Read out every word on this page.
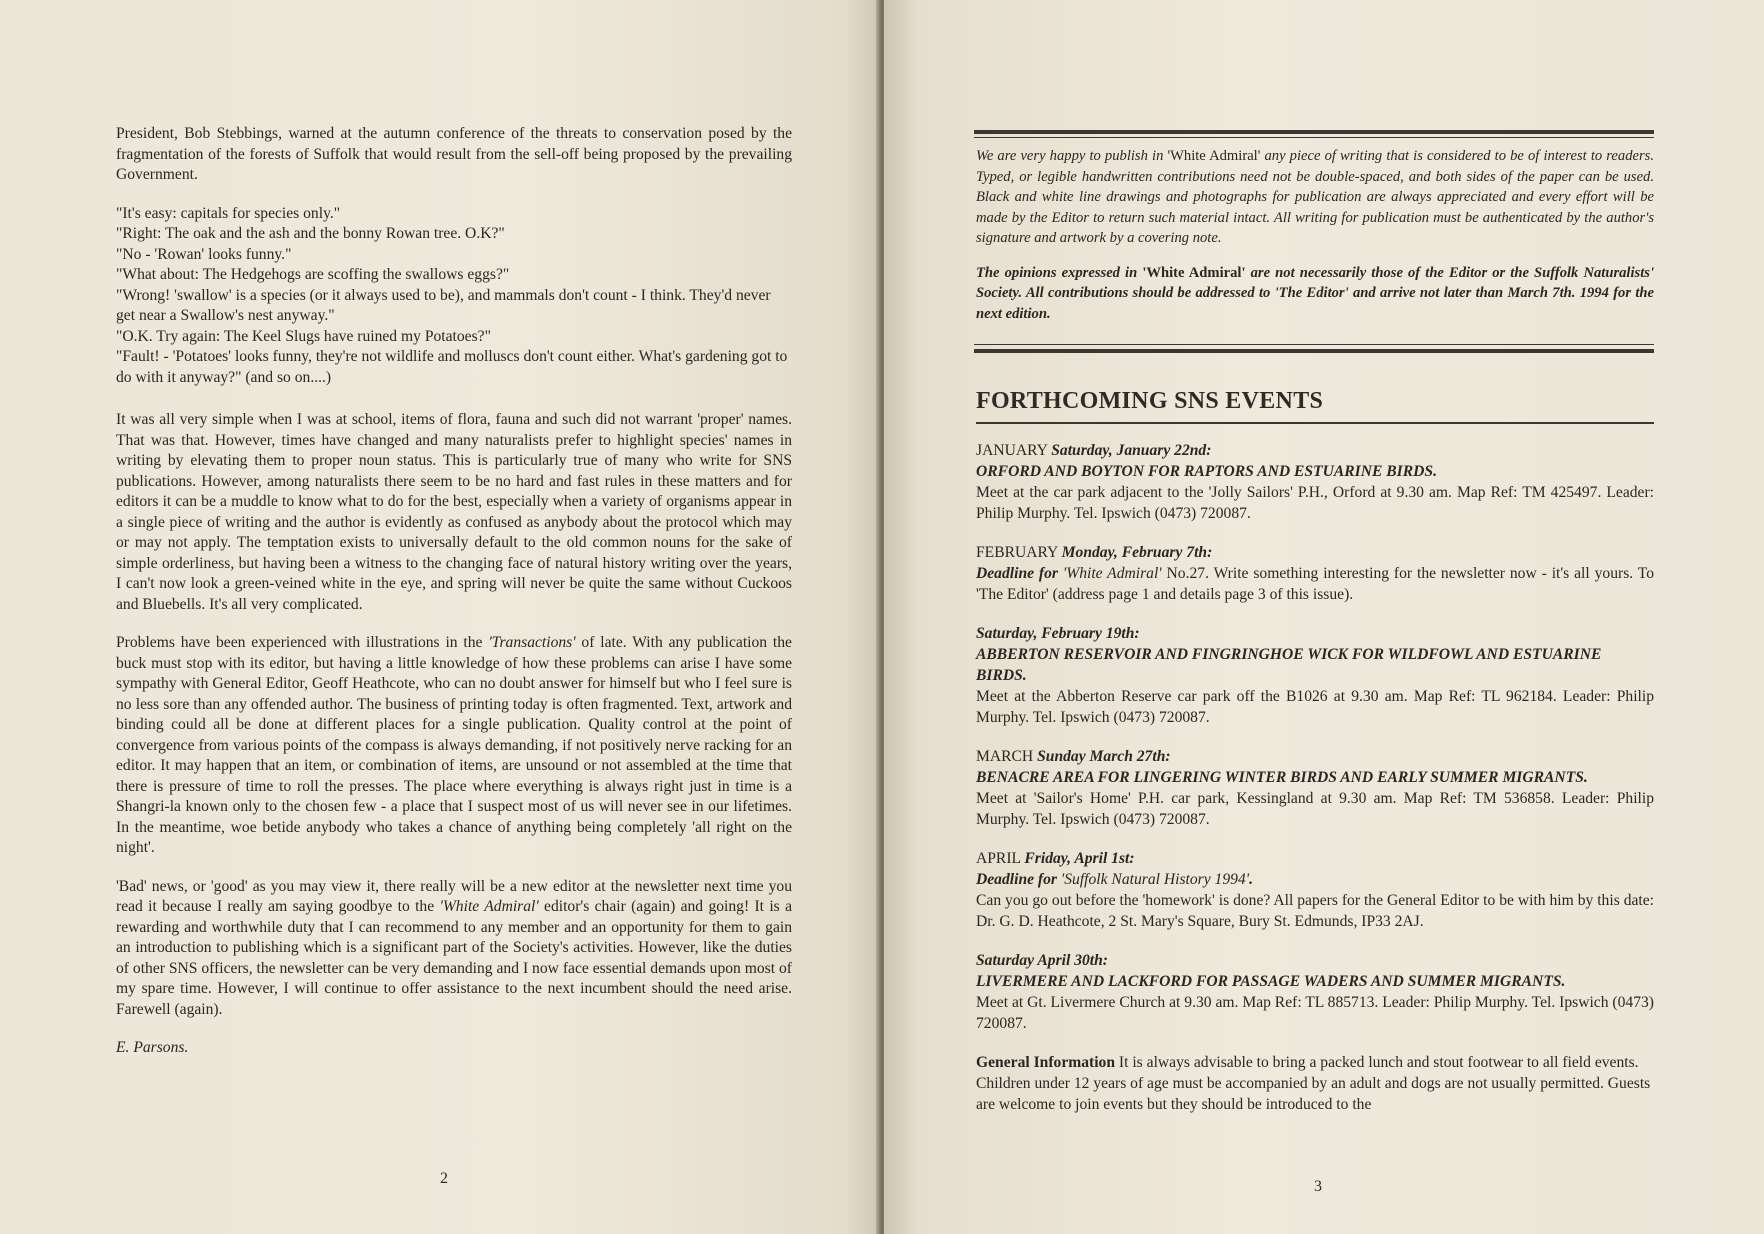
President, Bob Stebbings, warned at the autumn conference of the threats to conservation posed by the fragmentation of the forests of Suffolk that would result from the sell-off being proposed by the prevailing Government.

"It's easy: capitals for species only."
"Right: The oak and the ash and the bonny Rowan tree. O.K?"
"No - 'Rowan' looks funny."
"What about: The Hedgehogs are scoffing the swallows eggs?"
"Wrong! 'swallow' is a species (or it always used to be), and mammals don't count - I think. They'd never get near a Swallow's nest anyway."
"O.K. Try again: The Keel Slugs have ruined my Potatoes?"
"Fault! - 'Potatoes' looks funny, they're not wildlife and molluscs don't count either. What's gardening got to do with it anyway?" (and so on....)

It was all very simple when I was at school, items of flora, fauna and such did not warrant 'proper' names. That was that. However, times have changed and many naturalists prefer to highlight species' names in writing by elevating them to proper noun status. This is particularly true of many who write for SNS publications. However, among naturalists there seem to be no hard and fast rules in these matters and for editors it can be a muddle to know what to do for the best, especially when a variety of organisms appear in a single piece of writing and the author is evidently as confused as anybody about the protocol which may or may not apply. The temptation exists to universally default to the old common nouns for the sake of simple orderliness, but having been a witness to the changing face of natural history writing over the years, I can't now look a green-veined white in the eye, and spring will never be quite the same without Cuckoos and Bluebells. It's all very complicated.

Problems have been experienced with illustrations in the 'Transactions' of late. With any publication the buck must stop with its editor, but having a little knowledge of how these problems can arise I have some sympathy with General Editor, Geoff Heathcote, who can no doubt answer for himself but who I feel sure is no less sore than any offended author. The business of printing today is often fragmented. Text, artwork and binding could all be done at different places for a single publication. Quality control at the point of convergence from various points of the compass is always demanding, if not positively nerve racking for an editor. It may happen that an item, or combination of items, are unsound or not assembled at the time that there is pressure of time to roll the presses. The place where everything is always right just in time is a Shangri-la known only to the chosen few - a place that I suspect most of us will never see in our lifetimes. In the meantime, woe betide anybody who takes a chance of anything being completely 'all right on the night'.

'Bad' news, or 'good' as you may view it, there really will be a new editor at the newsletter next time you read it because I really am saying goodbye to the 'White Admiral' editor's chair (again) and going! It is a rewarding and worthwhile duty that I can recommend to any member and an opportunity for them to gain an introduction to publishing which is a significant part of the Society's activities. However, like the duties of other SNS officers, the newsletter can be very demanding and I now face essential demands upon most of my spare time. However, I will continue to offer assistance to the next incumbent should the need arise. Farewell (again).

E. Parsons.
2

We are very happy to publish in 'White Admiral' any piece of writing that is considered to be of interest to readers. Typed, or legible handwritten contributions need not be double-spaced, and both sides of the paper can be used. Black and white line drawings and photographs for publication are always appreciated and every effort will be made by the Editor to return such material intact. All writing for publication must be authenticated by the author's signature and artwork by a covering note.

The opinions expressed in 'White Admiral' are not necessarily those of the Editor or the Suffolk Naturalists' Society. All contributions should be addressed to 'The Editor' and arrive not later than March 7th. 1994 for the next edition.

FORTHCOMING SNS EVENTS
JANUARY Saturday, January 22nd:
ORFORD AND BOYTON FOR RAPTORS AND ESTUARINE BIRDS.
Meet at the car park adjacent to the 'Jolly Sailors' P.H., Orford at 9.30 am. Map Ref: TM 425497. Leader: Philip Murphy. Tel. Ipswich (0473) 720087.
FEBRUARY Monday, February 7th:
Deadline for 'White Admiral' No.27. Write something interesting for the newsletter now - it's all yours. To 'The Editor' (address page 1 and details page 3 of this issue).
Saturday, February 19th:
ABBERTON RESERVOIR AND FINGRINGHOE WICK FOR WILDFOWL AND ESTUARINE BIRDS.
Meet at the Abberton Reserve car park off the B1026 at 9.30 am. Map Ref: TL 962184. Leader: Philip Murphy. Tel. Ipswich (0473) 720087.
MARCH Sunday March 27th:
BENACRE AREA FOR LINGERING WINTER BIRDS AND EARLY SUMMER MIGRANTS.
Meet at 'Sailor's Home' P.H. car park, Kessingland at 9.30 am. Map Ref: TM 536858. Leader: Philip Murphy. Tel. Ipswich (0473) 720087.
APRIL Friday, April 1st:
Deadline for 'Suffolk Natural History 1994'.
Can you go out before the 'homework' is done? All papers for the General Editor to be with him by this date: Dr. G. D. Heathcote, 2 St. Mary's Square, Bury St. Edmunds, IP33 2AJ.
Saturday April 30th:
LIVERMERE AND LACKFORD FOR PASSAGE WADERS AND SUMMER MIGRANTS.
Meet at Gt. Livermere Church at 9.30 am. Map Ref: TL 885713. Leader: Philip Murphy. Tel. Ipswich (0473) 720087.
General Information It is always advisable to bring a packed lunch and stout footwear to all field events. Children under 12 years of age must be accompanied by an adult and dogs are not usually permitted. Guests are welcome to join events but they should be introduced to the
3
